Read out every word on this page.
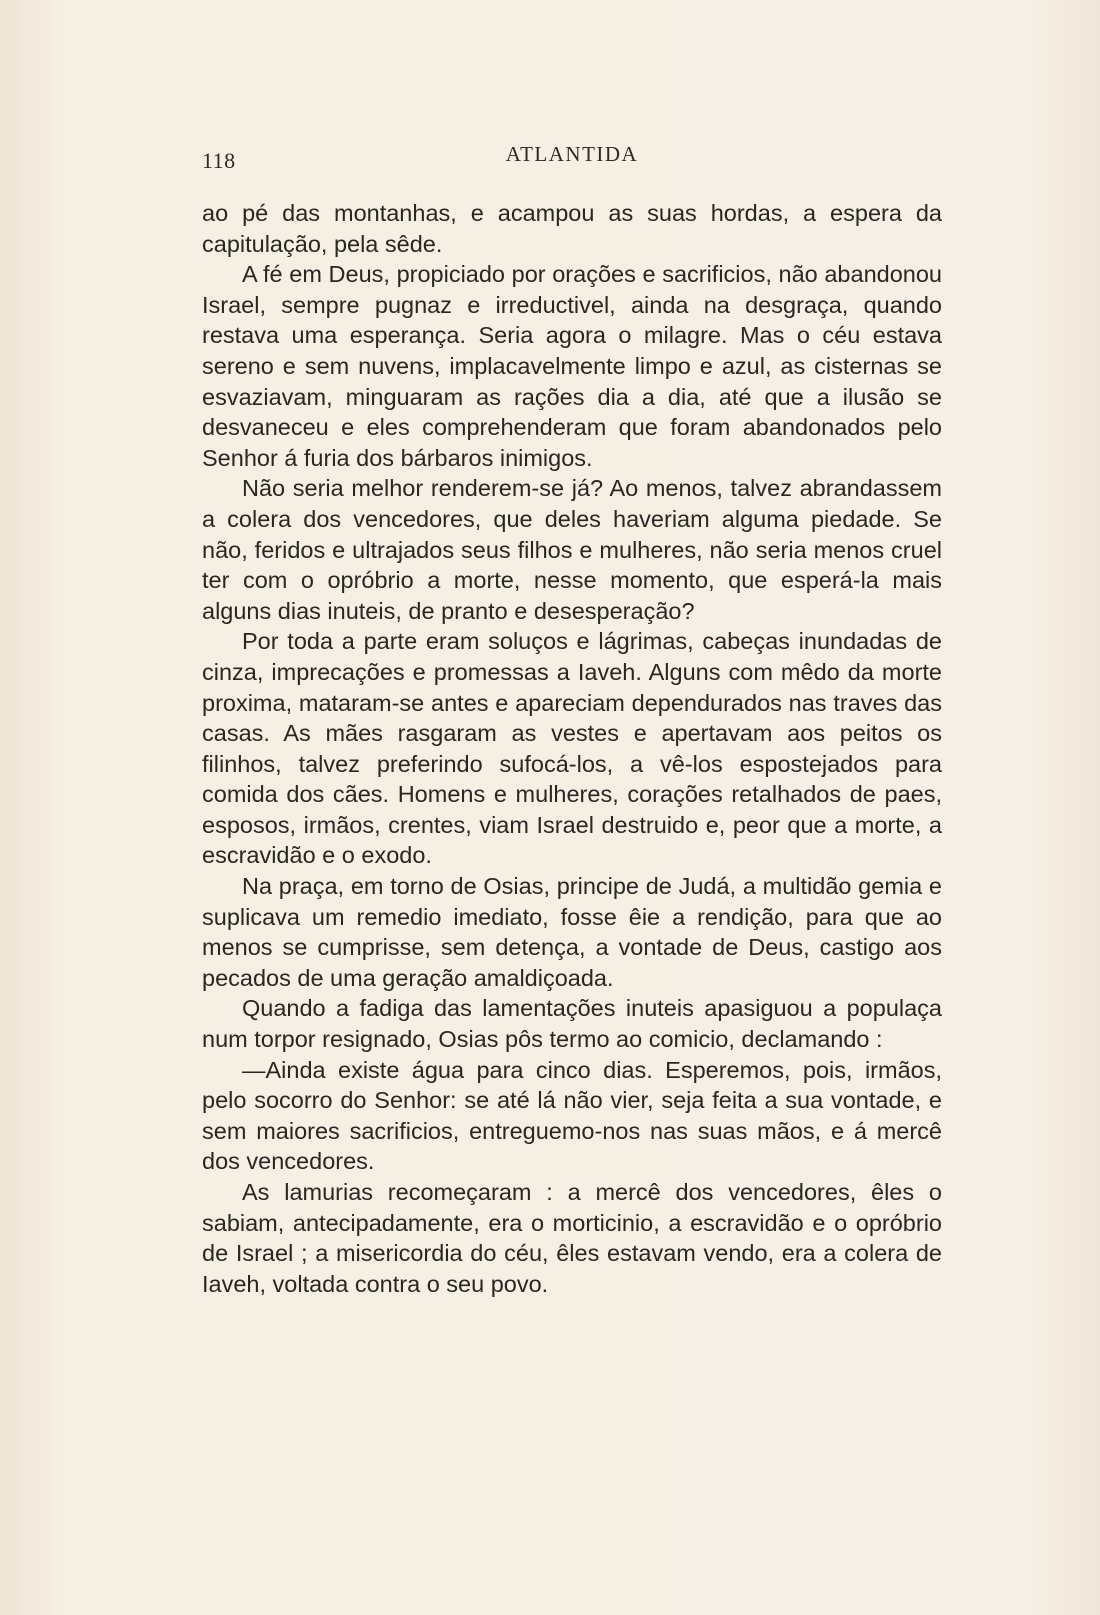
118	ATLANTIDA

ao pé das montanhas, e acampou as suas hordas, a espera da capitulação, pela sêde.

A fé em Deus, propiciado por orações e sacrificios, não abandonou Israel, sempre pugnaz e irreductivel, ainda na desgraça, quando restava uma esperança. Seria agora o milagre. Mas o céu estava sereno e sem nuvens, implacavelmente limpo e azul, as cisternas se esvaziavam, minguaram as rações dia a dia, até que a ilusão se desvaneceu e eles comprehenderam que foram abandonados pelo Senhor á furia dos bárbaros inimigos.

Não seria melhor renderem-se já? Ao menos, talvez abrandassem a colera dos vencedores, que deles haveriam alguma piedade. Se não, feridos e ultrajados seus filhos e mulheres, não seria menos cruel ter com o opróbrio a morte, nesse momento, que esperá-la mais alguns dias inuteis, de pranto e desesperação?

Por toda a parte eram soluços e lágrimas, cabeças inundadas de cinza, imprecações e promessas a Iaveh. Alguns com mêdo da morte proxima, mataram-se antes e apareciam dependurados nas traves das casas. As mães rasgaram as vestes e apertavam aos peitos os filinhos, talvez preferindo sufocá-los, a vê-los espostejados para comida dos cães. Homens e mulheres, corações retalhados de paes, esposos, irmãos, crentes, viam Israel destruido e, peor que a morte, a escravidão e o exodo.

Na praça, em torno de Osias, principe de Judá, a multidão gemia e suplicava um remedio imediato, fosse êie a rendição, para que ao menos se cumprisse, sem detença, a vontade de Deus, castigo aos pecados de uma geração amaldiçoada.

Quando a fadiga das lamentações inuteis apasiguou a populaça num torpor resignado, Osias pôs termo ao comicio, declamando :

—Ainda existe água para cinco dias. Esperemos, pois, irmãos, pelo socorro do Senhor: se até lá não vier, seja feita a sua vontade, e sem maiores sacrificios, entreguemo-nos nas suas mãos, e á mercê dos vencedores.

As lamurias recomeçaram : a mercê dos vencedores, êles o sabiam, antecipadamente, era o morticinio, a escravidão e o opróbrio de Israel ; a misericordia do céu, êles estavam vendo, era a colera de Iaveh, voltada contra o seu povo.
